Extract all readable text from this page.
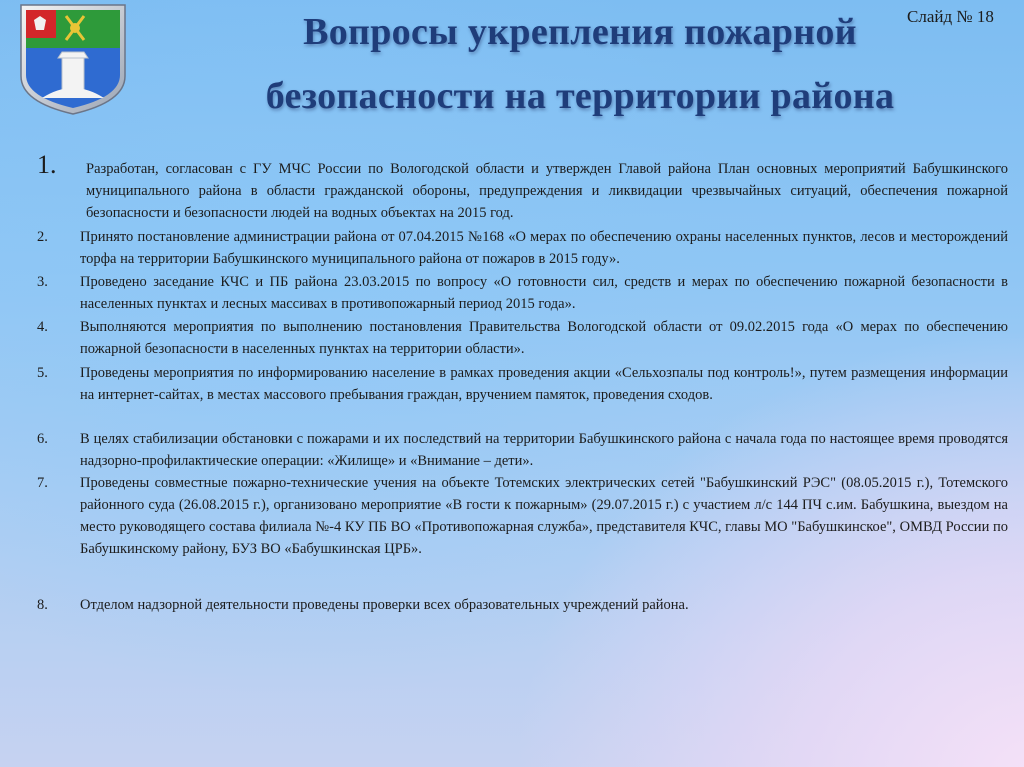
Вопросы укрепления пожарной
безопасности на территории района
Слайд № 18
1. Разработан, согласован с ГУ МЧС России по Вологодской области и утвержден Главой района План основных мероприятий Бабушкинского муниципального района в области гражданской обороны, предупреждения и ликвидации чрезвычайных ситуаций, обеспечения пожарной безопасности и безопасности людей на водных объектах на 2015 год.
2. Принято постановление администрации района от 07.04.2015 №168 «О мерах по обеспечению охраны населенных пунктов, лесов и месторождений торфа на территории Бабушкинского муниципального района от пожаров в 2015 году».
3. Проведено заседание КЧС и ПБ района 23.03.2015 по вопросу «О готовности сил, средств и мерах по обеспечению пожарной безопасности в населенных пунктах и лесных массивах в противопожарный период 2015 года».
4. Выполняются мероприятия по выполнению постановления Правительства Вологодской области от 09.02.2015 года «О мерах по обеспечению пожарной безопасности в населенных пунктах на территории области».
5. Проведены мероприятия по информированию население в рамках проведения акции «Сельхозпалы под контроль!», путем размещения информации на интернет-сайтах, в местах массового пребывания граждан, вручением памяток, проведения сходов.
6. В целях стабилизации обстановки с пожарами и их последствий на территории Бабушкинского района с начала года по настоящее время проводятся надзорно-профилактические операции: «Жилище» и «Внимание – дети».
7. Проведены совместные пожарно-технические учения на объекте Тотемских электрических сетей "Бабушкинский РЭС" (08.05.2015 г.), Тотемского районного суда (26.08.2015 г.), организовано мероприятие «В гости к пожарным» (29.07.2015 г.) с участием л/с 144 ПЧ с.им. Бабушкина, выездом на место руководящего состава филиала №-4 КУ ПБ ВО «Противопожарная служба», представителя КЧС, главы МО "Бабушкинское", ОМВД России по Бабушкинскому району, БУЗ ВО «Бабушкинская ЦРБ».
8. Отделом надзорной деятельности проведены проверки всех образовательных учреждений района.
